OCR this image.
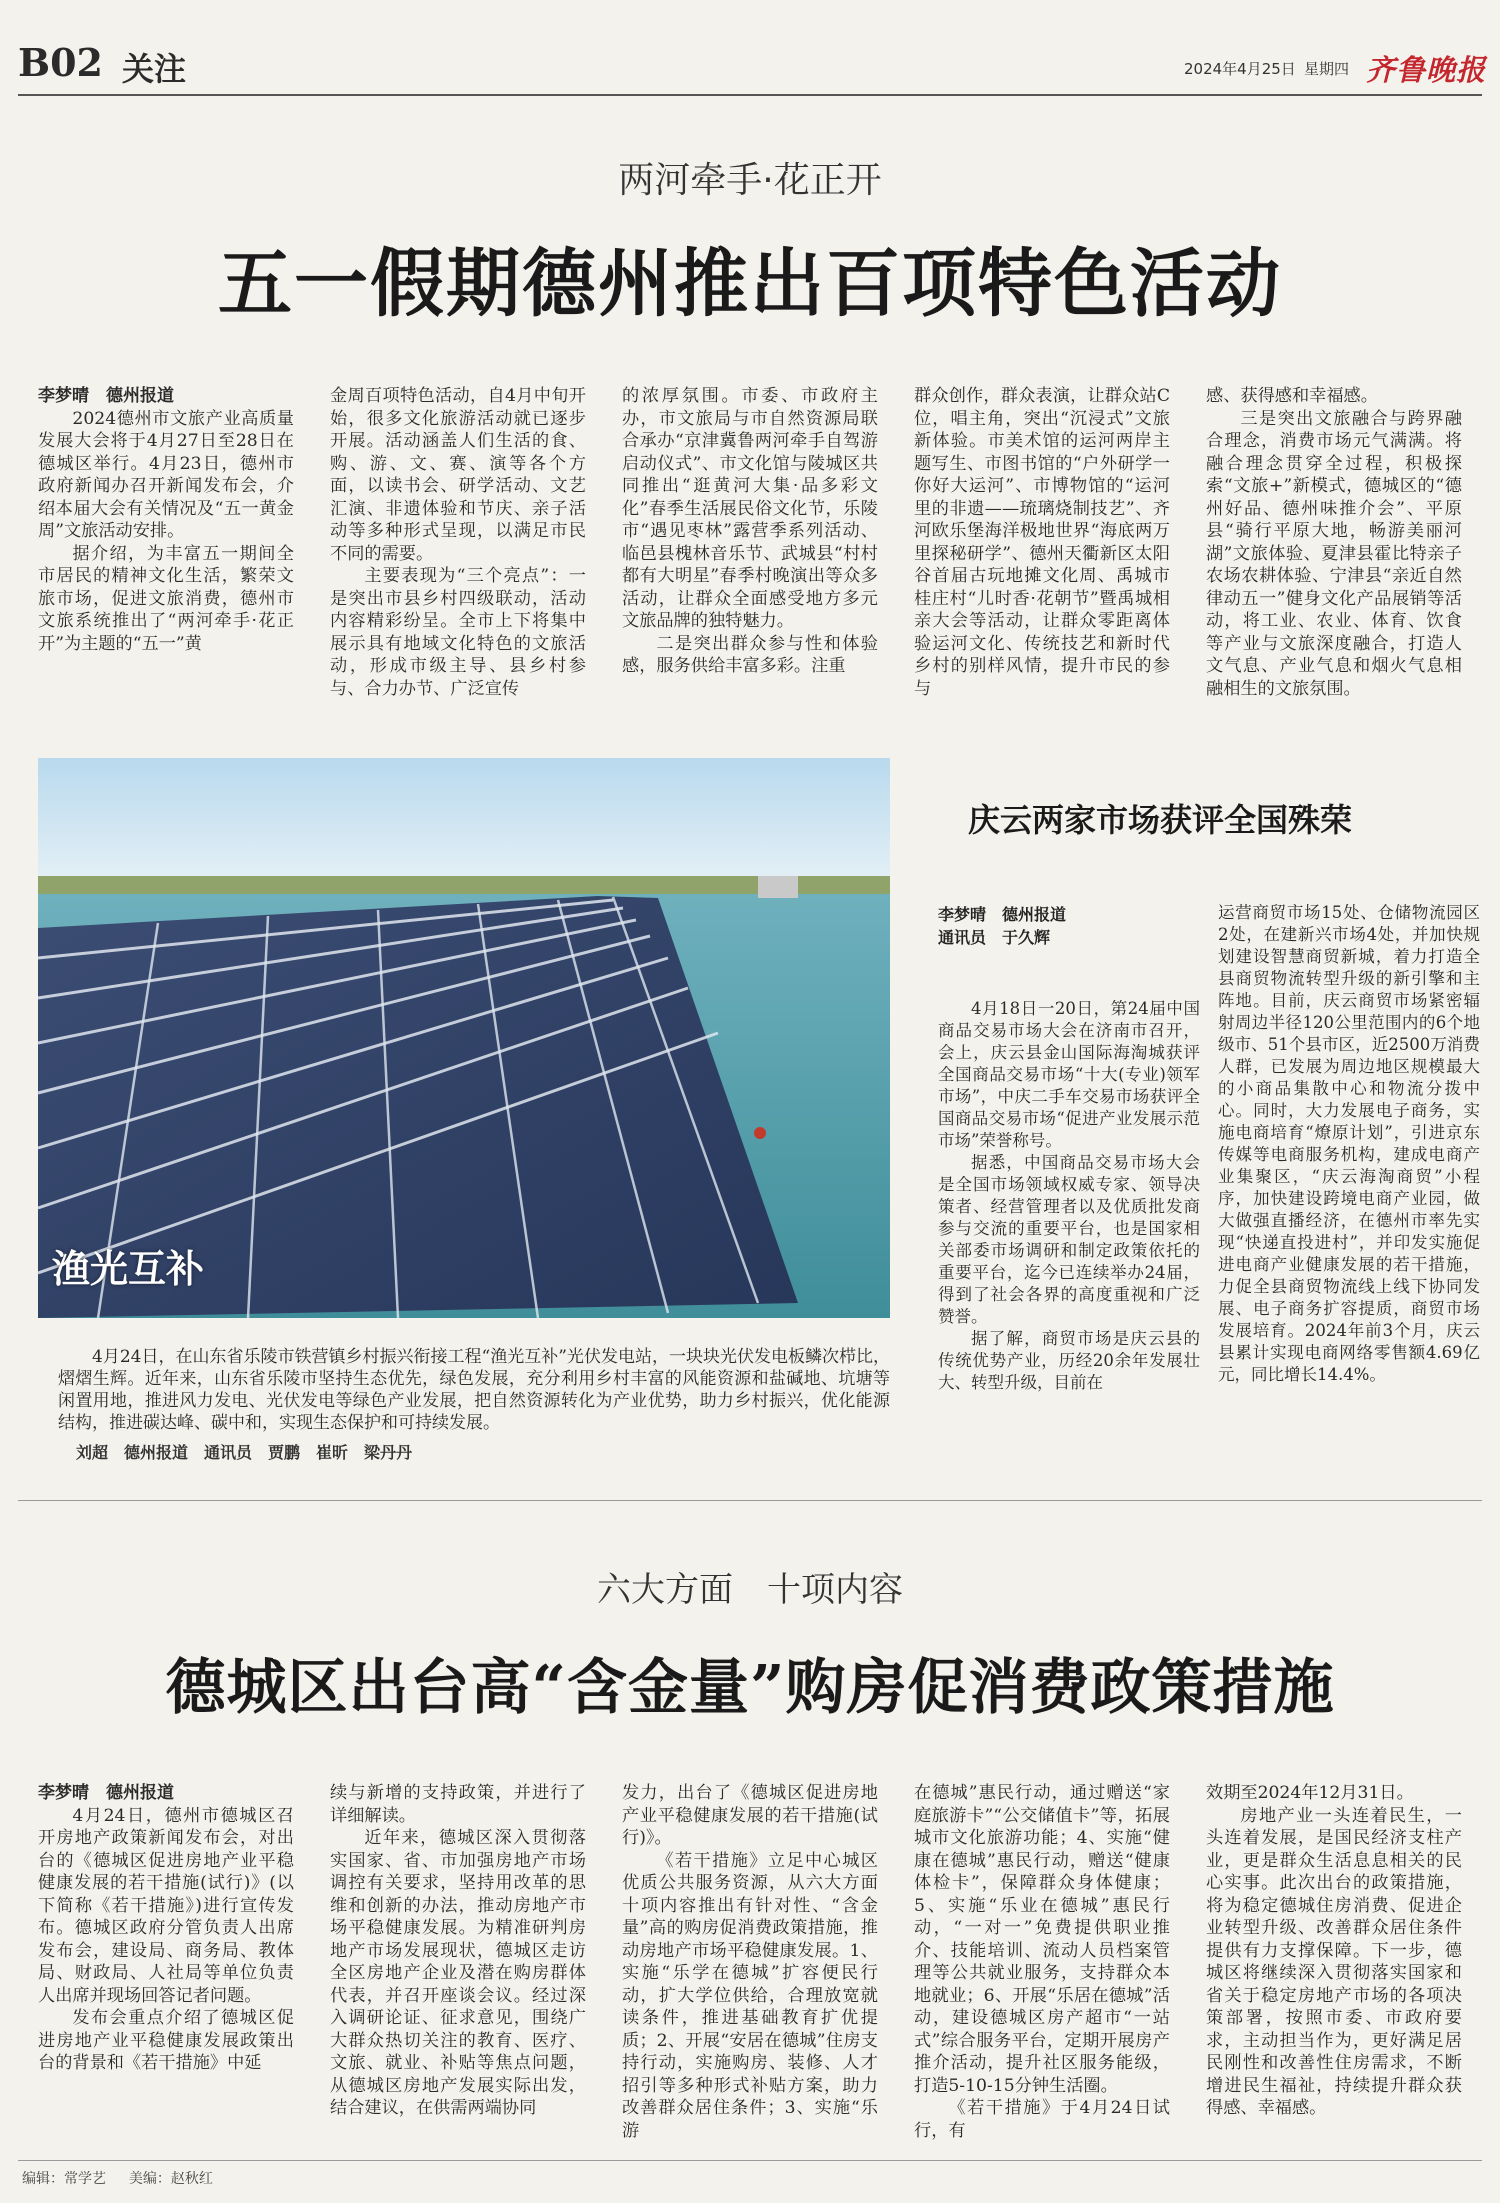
B02 关注	2024年4月25日 星期四 齐鲁晚报
两河牵手·花正开
五一假期德州推出百项特色活动

李梦晴　德州报道

2024德州市文旅产业高质量发展大会将于4月27日至28日在德城区举行。4月23日，德州市政府新闻办召开新闻发布会，介绍本届大会有关情况及“五一黄金周”文旅活动安排。

据介绍，为丰富五一期间全市居民的精神文化生活，繁荣文旅市场，促进文旅消费，德州市文旅系统推出了“两河牵手·花正开”为主题的“五一”黄

金周百项特色活动，自4月中旬开始，很多文化旅游活动就已逐步开展。活动涵盖人们生活的食、购、游、文、赛、演等各个方面，以读书会、研学活动、文艺汇演、非遗体验和节庆、亲子活动等多种形式呈现，以满足市民不同的需要。

主要表现为“三个亮点”：一是突出市县乡村四级联动，活动内容精彩纷呈。全市上下将集中展示具有地域文化特色的文旅活动，形成市级主导、县乡村参与、合力办节、广泛宣传

的浓厚氛围。市委、市政府主办，市文旅局与市自然资源局联合承办“京津冀鲁两河牵手自驾游启动仪式”、市文化馆与陵城区共同推出“逛黄河大集·品多彩文化”春季生活展民俗文化节，乐陵市“遇见枣林”露营季系列活动、临邑县槐林音乐节、武城县“村村都有大明星”春季村晚演出等众多活动，让群众全面感受地方多元文旅品牌的独特魅力。

二是突出群众参与性和体验感，服务供给丰富多彩。注重

群众创作，群众表演，让群众站C位，唱主角，突出“沉浸式”文旅新体验。市美术馆的运河两岸主题写生、市图书馆的“户外研学一你好大运河”、市博物馆的“运河里的非遗——琉璃烧制技艺”、齐河欧乐堡海洋极地世界“海底两万里探秘研学”、德州天衢新区太阳谷首届古玩地摊文化周、禹城市桂庄村“儿时香·花朝节”暨禹城相亲大会等活动，让群众零距离体验运河文化、传统技艺和新时代乡村的别样风情，提升市民的参与

感、获得感和幸福感。

三是突出文旅融合与跨界融合理念，消费市场元气满满。将融合理念贯穿全过程，积极探索“文旅+”新模式，德城区的“德州好品、德州味推介会”、平原县“骑行平原大地，畅游美丽河湖”文旅体验、夏津县霍比特亲子农场农耕体验、宁津县“亲近自然律动五一”健身文化产品展销等活动，将工业、农业、体育、饮食等产业与文旅深度融合，打造人文气息、产业气息和烟火气息相融相生的文旅氛围。

渔光互补

4月24日，在山东省乐陵市铁营镇乡村振兴衔接工程“渔光互补”光伏发电站，一块块光伏发电板鳞次栉比，熠熠生辉。近年来，山东省乐陵市坚持生态优先，绿色发展，充分利用乡村丰富的风能资源和盐碱地、坑塘等闲置用地，推进风力发电、光伏发电等绿色产业发展，把自然资源转化为产业优势，助力乡村振兴，优化能源结构，推进碳达峰、碳中和，实现生态保护和可持续发展。

刘超　德州报道　通讯员　贾鹏　崔昕　梁丹丹
庆云两家市场获评全国殊荣
李梦晴　德州报道
通讯员　于久辉

4月18日一20日，第24届中国商品交易市场大会在济南市召开，会上，庆云县金山国际海淘城获评全国商品交易市场“十大(专业)领军市场”，中庆二手车交易市场获评全国商品交易市场“促进产业发展示范市场”荣誉称号。

据悉，中国商品交易市场大会是全国市场领域权威专家、领导决策者、经营管理者以及优质批发商参与交流的重要平台，也是国家相关部委市场调研和制定政策依托的重要平台，迄今已连续举办24届，得到了社会各界的高度重视和广泛赞誉。

据了解，商贸市场是庆云县的传统优势产业，历经20余年发展壮大、转型升级，目前在

运营商贸市场15处、仓储物流园区2处，在建新兴市场4处，并加快规划建设智慧商贸新城，着力打造全县商贸物流转型升级的新引擎和主阵地。目前，庆云商贸市场紧密辐射周边半径120公里范围内的6个地级市、51个县市区，近2500万消费人群，已发展为周边地区规模最大的小商品集散中心和物流分拨中心。同时，大力发展电子商务，实施电商培育“燎原计划”，引进京东传媒等电商服务机构，建成电商产业集聚区，“庆云海淘商贸”小程序，加快建设跨境电商产业园，做大做强直播经济，在德州市率先实现“快递直投进村”，并印发实施促进电商产业健康发展的若干措施，力促全县商贸物流线上线下协同发展、电子商务扩容提质，商贸市场发展培育。2024年前3个月，庆云县累计实现电商网络零售额4.69亿元，同比增长14.4%。

六大方面　十项内容
德城区出台高“含金量”购房促消费政策措施

李梦晴　德州报道

4月24日，德州市德城区召开房地产政策新闻发布会，对出台的《德城区促进房地产业平稳健康发展的若干措施(试行)》(以下简称《若干措施》)进行宣传发布。德城区政府分管负责人出席发布会，建设局、商务局、教体局、财政局、人社局等单位负责人出席并现场回答记者问题。

发布会重点介绍了德城区促进房地产业平稳健康发展政策出台的背景和《若干措施》中延

续与新增的支持政策，并进行了详细解读。

近年来，德城区深入贯彻落实国家、省、市加强房地产市场调控有关要求，坚持用改革的思维和创新的办法，推动房地产市场平稳健康发展。为精准研判房地产市场发展现状，德城区走访全区房地产企业及潜在购房群体代表，并召开座谈会议。经过深入调研论证、征求意见，围绕广大群众热切关注的教育、医疗、文旅、就业、补贴等焦点问题，从德城区房地产发展实际出发，结合建议，在供需两端协同

发力，出台了《德城区促进房地产业平稳健康发展的若干措施(试行)》。

《若干措施》立足中心城区优质公共服务资源，从六大方面十项内容推出有针对性、“含金量”高的购房促消费政策措施，推动房地产市场平稳健康发展。1、实施“乐学在德城”扩容便民行动，扩大学位供给，合理放宽就读条件，推进基础教育扩优提质；2、开展“安居在德城”住房支持行动，实施购房、装修、人才招引等多种形式补贴方案，助力改善群众居住条件；3、实施“乐游

在德城”惠民行动，通过赠送“家庭旅游卡”“公交储值卡”等，拓展城市文化旅游功能；4、实施“健康在德城”惠民行动，赠送“健康体检卡”，保障群众身体健康；5、实施“乐业在德城”惠民行动，“一对一”免费提供职业推介、技能培训、流动人员档案管理等公共就业服务，支持群众本地就业；6、开展“乐居在德城”活动，建设德城区房产超市“一站式”综合服务平台，定期开展房产推介活动，提升社区服务能级，打造5-10-15分钟生活圈。

《若干措施》于4月24日试行，有

效期至2024年12月31日。

房地产业一头连着民生，一头连着发展，是国民经济支柱产业，更是群众生活息息相关的民心实事。此次出台的政策措施，将为稳定德城住房消费、促进企业转型升级、改善群众居住条件提供有力支撑保障。下一步，德城区将继续深入贯彻落实国家和省关于稳定房地产市场的各项决策部署，按照市委、市政府要求，主动担当作为，更好满足居民刚性和改善性住房需求，不断增进民生福祉，持续提升群众获得感、幸福感。

编辑：常学艺 美编：赵秋红
